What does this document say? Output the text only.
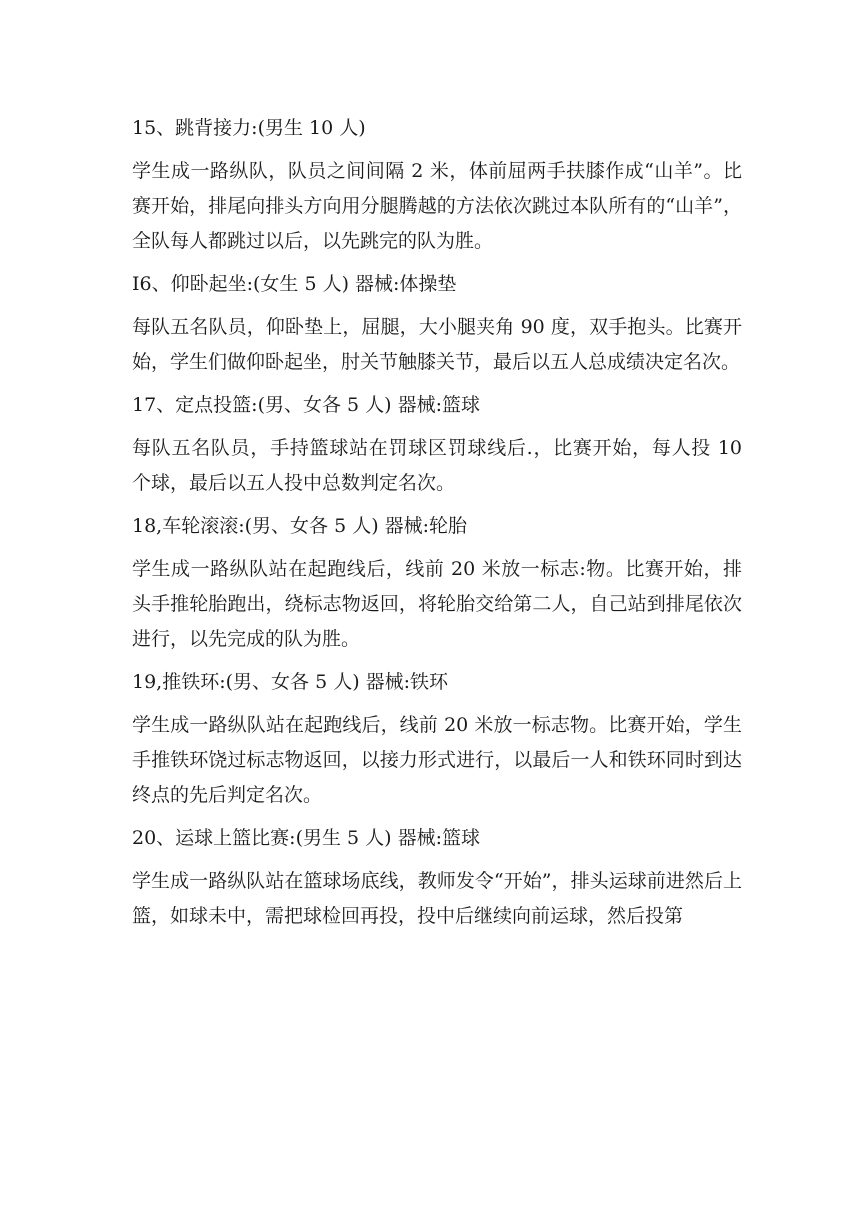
15、跳背接力:(男生 10 人)

学生成一路纵队，队员之间间隔 2 米，体前屈两手扶膝作成“山羊”。比赛开始，排尾向排头方向用分腿腾越的方法依次跳过本队所有的“山羊”，全队每人都跳过以后，以先跳完的队为胜。

I6、仰卧起坐:(女生 5 人) 器械:体操垫

每队五名队员，仰卧垫上，屈腿，大小腿夹角 90 度，双手抱头。比赛开始，学生们做仰卧起坐，肘关节触膝关节，最后以五人总成绩决定名次。

17、定点投篮:(男、女各 5 人) 器械:篮球

每队五名队员，手持篮球站在罚球区罚球线后.，比赛开始，每人投 10 个球，最后以五人投中总数判定名次。

18,车轮滚滚:(男、女各 5 人) 器械:轮胎

学生成一路纵队站在起跑线后，线前 20 米放一标志:物。比赛开始，排头手推轮胎跑出，绕标志物返回，将轮胎交给第二人，自己站到排尾依次进行，以先完成的队为胜。

19,推铁环:(男、女各 5 人) 器械:铁环

学生成一路纵队站在起跑线后，线前 20 米放一标志物。比赛开始，学生手推铁环饶过标志物返回，以接力形式进行，以最后一人和铁环同时到达终点的先后判定名次。

20、运球上篮比赛:(男生 5 人) 器械:篮球

学生成一路纵队站在篮球场底线，教师发令“开始”，排头运球前进然后上篮，如球未中，需把球检回再投，投中后继续向前运球，然后投第
